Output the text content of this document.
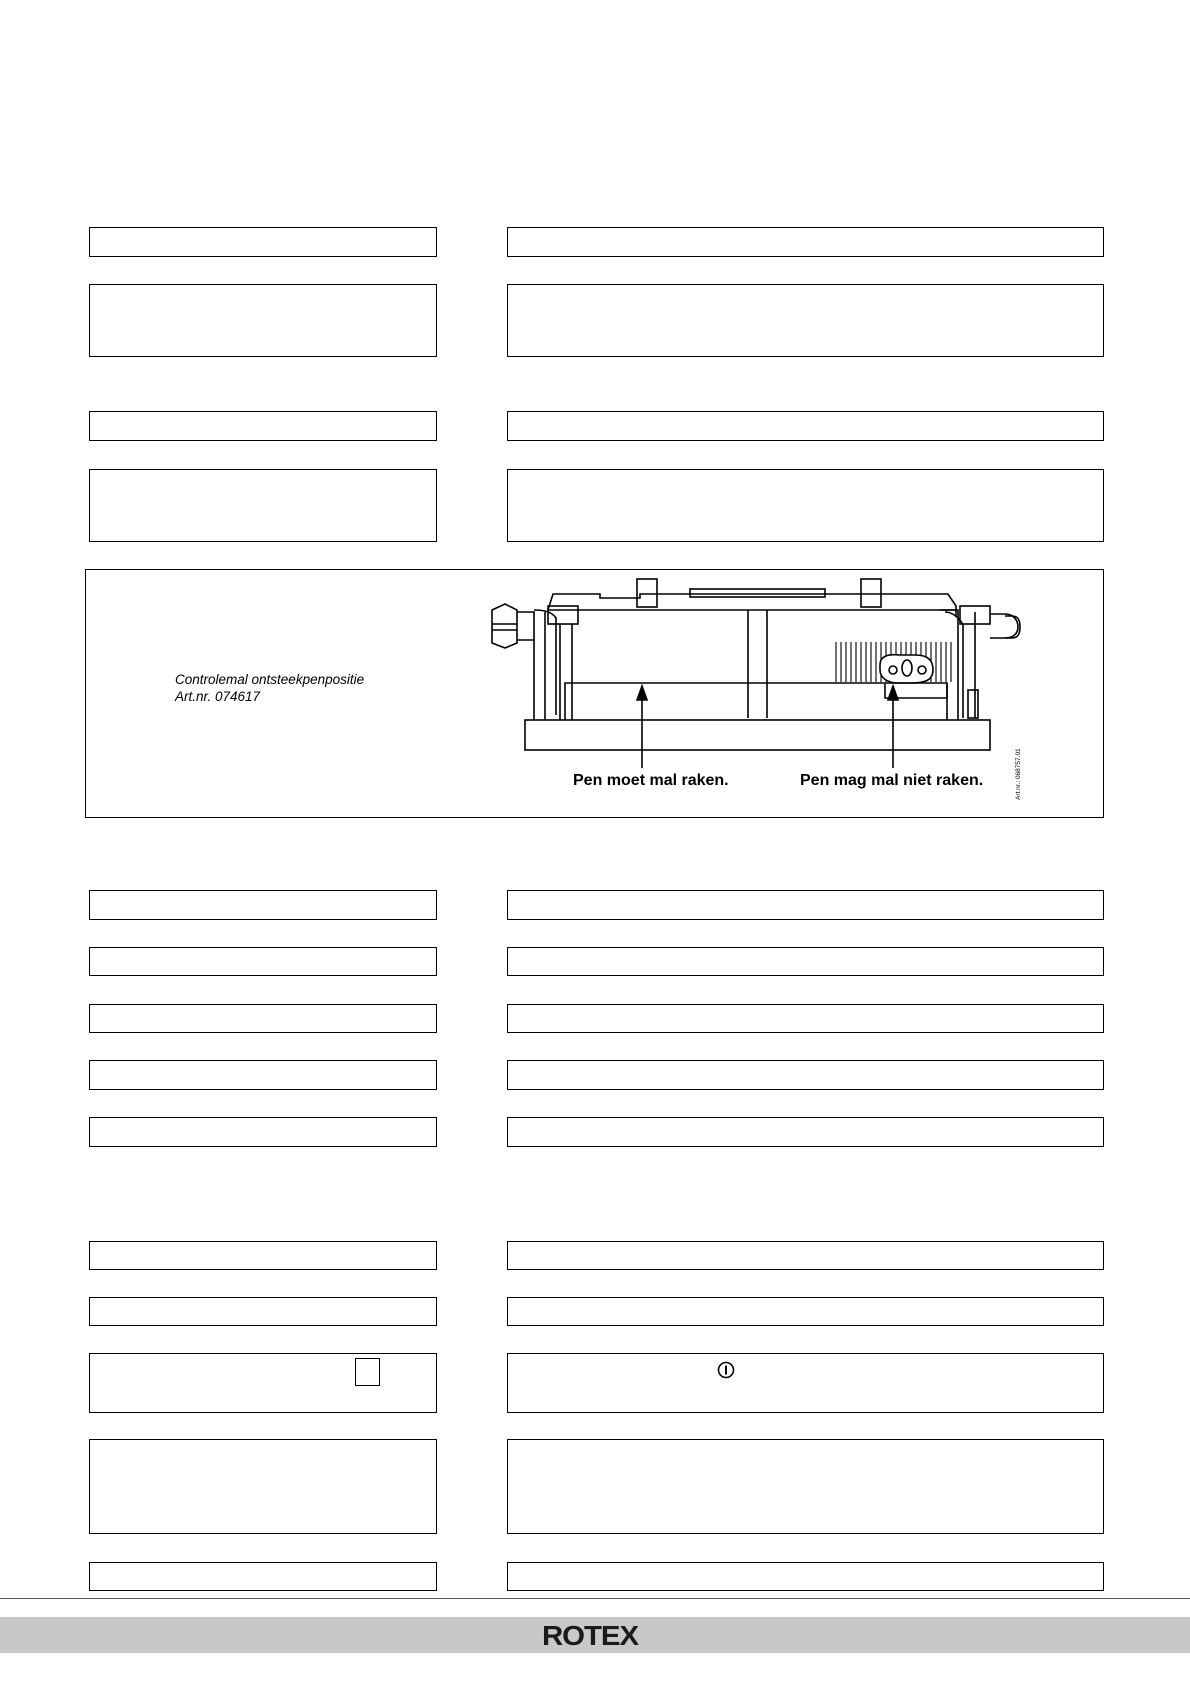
Controlemal ontsteekpenpositie
Art.nr. 074617
Pen moet mal raken.	Pen mag mal niet raken.	Art.nr.: 068757.01
ROTEX
